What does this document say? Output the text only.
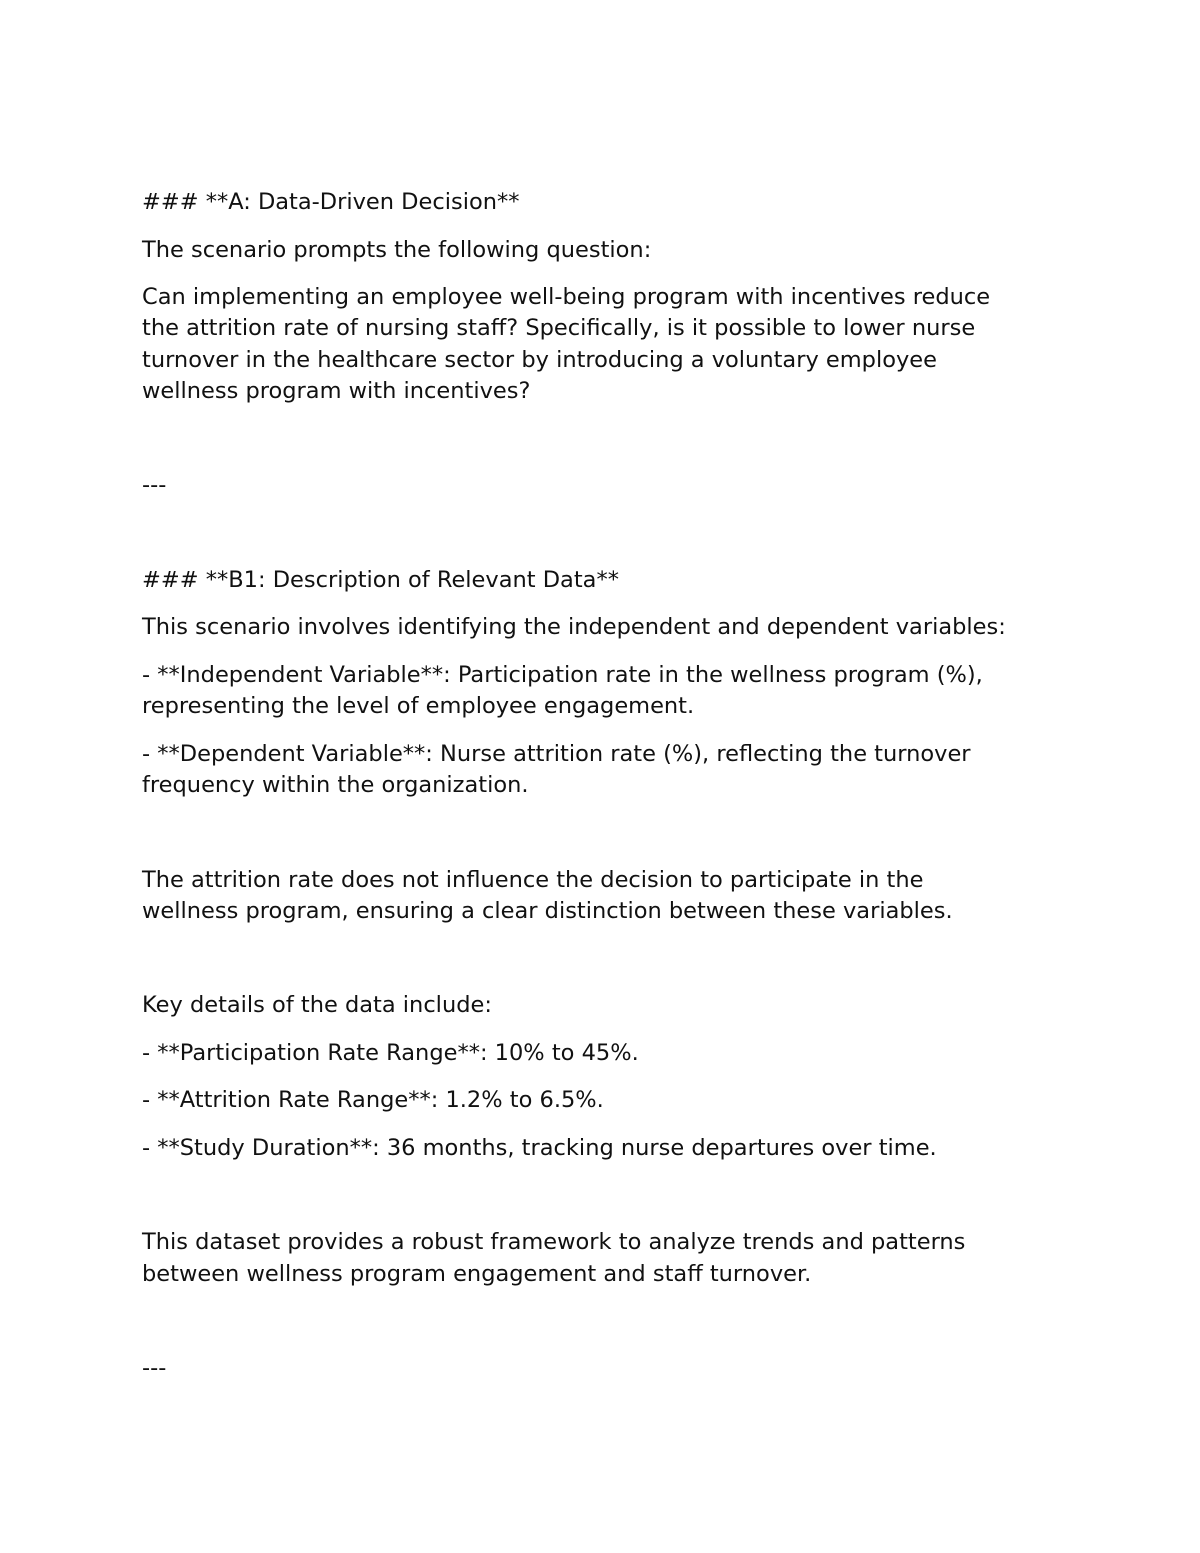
### **A: Data-Driven Decision**

The scenario prompts the following question:

Can implementing an employee well-being program with incentives reduce

the attrition rate of nursing staff? Specifically, is it possible to lower nurse

turnover in the healthcare sector by introducing a voluntary employee

wellness program with incentives?

---

### **B1: Description of Relevant Data**

This scenario involves identifying the independent and dependent variables:

- **Independent Variable**: Participation rate in the wellness program (%),

representing the level of employee engagement.

- **Dependent Variable**: Nurse attrition rate (%), reflecting the turnover

frequency within the organization.

The attrition rate does not influence the decision to participate in the

wellness program, ensuring a clear distinction between these variables.

Key details of the data include:

- **Participation Rate Range**: 10% to 45%.

- **Attrition Rate Range**: 1.2% to 6.5%.

- **Study Duration**: 36 months, tracking nurse departures over time.

This dataset provides a robust framework to analyze trends and patterns

between wellness program engagement and staff turnover.

---
